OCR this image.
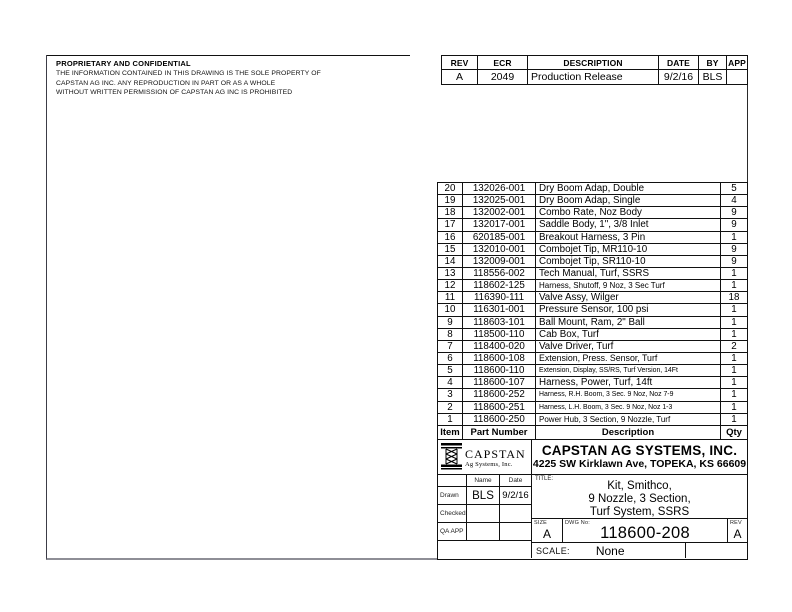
PROPRIETARY AND CONFIDENTIAL
THE INFORMATION CONTAINED IN THIS DRAWING IS THE SOLE PROPERTY OF
CAPSTAN AG INC. ANY REPRODUCTION IN PART OR AS A WHOLE
WITHOUT WRITTEN PERMISSION OF CAPSTAN AG INC IS PROHIBITED
REV	ECR	DESCRIPTION	DATE	BY	APP
A	2049	Production Release	9/2/16 BLS
20	132026-001	Dry Boom Adap, Double	5
19	132025-001	Dry Boom Adap, Single	4
18	132002-001	Combo Rate, Noz Body	9
17	132017-001	Saddle Body, 1", 3/8 Inlet	9
16	620185-001	Breakout Harness, 3 Pin	1
15	132010-001	Combojet Tip, MR110-10	9
14	132009-001	Combojet Tip, SR110-10	9
13	118556-002	Tech Manual, Turf, SSRS	1
12	118602-125	Harness, Shutoff, 9 Noz, 3 Sec Turf	1
11	116390-111	Valve Assy, Wilger	18
10	116301-001	Pressure Sensor, 100 psi	1
9	118603-101	Ball Mount, Ram, 2" Ball	1
8	118500-110	Cab Box, Turf	1
7	118400-020	Valve Driver, Turf	2
6	118600-108	Extension, Press. Sensor, Turf	1
5	118600-110	Extension, Display, SS/RS, Turf Version, 14Ft	1
4	118600-107	Harness, Power, Turf, 14ft	1
3	118600-252	Harness, R.H. Boom, 3 Sec. 9 Noz, Noz 7-9	1
2	118600-251	Harness, L.H. Boom, 3 Sec. 9 Noz, Noz 1-3	1
1	118600-250	Power Hub, 3 Section, 9 Nozzle, Turf	1
Item	Part Number	Description	Qty
CAPSTAN
Ag Systems, Inc.
CAPSTAN AG SYSTEMS, INC.
4225 SW Kirklawn Ave, TOPEKA, KS 66609
Name	Date
Drawn	BLS 9/2/16
Checked
QA APP
TITLE:
Kit, Smithco,
9 Nozzle, 3 Section,
Turf System, SSRS
SIZE
A
DWG No:
118600-208
REV
A
SCALE: None
